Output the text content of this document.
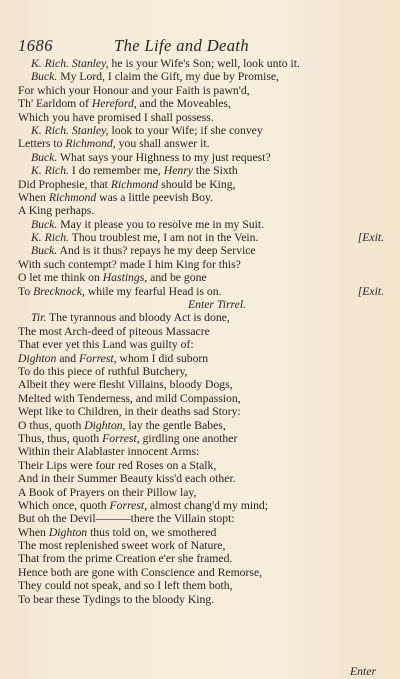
1686	The Life and Death
K. Rich. Stanley, he is your Wife's Son; well, look unto it.
Buck. My Lord, I claim the Gift, my due by Promise,
For which your Honour and your Faith is pawn'd,
Th' Earldom of Hereford, and the Moveables,
Which you have promised I shall possess.
K. Rich. Stanley, look to your Wife; if she convey
Letters to Richmond, you shall answer it.
Buck. What says your Highness to my just request?
K. Rich. I do remember me, Henry the Sixth
Did Prophesie, that Richmond should be King,
When Richmond was a little peevish Boy.
A King perhaps.
Buck. May it please you to resolve me in my Suit.
K. Rich. Thou troublest me, I am not in the Vein.	[Exit.
Buck. And is it thus? repays he my deep Service
With such contempt? made I him King for this?
O let me think on Hastings, and be gone
To Brecknock, while my fearful Head is on.	[Exit.
Enter Tirrel.
Tir. The tyrannous and bloody Act is done,
The most Arch-deed of piteous Massacre
That ever yet this Land was guilty of:
Dighton and Forrest, whom I did suborn
To do this piece of ruthful Butchery,
Albeit they were flesht Villains, bloody Dogs,
Melted with Tenderness, and mild Compassion,
Wept like to Children, in their deaths sad Story:
O thus, quoth Dighton, lay the gentle Babes,
Thus, thus, quoth Forrest, girdling one another
Within their Alablaster innocent Arms:
Their Lips were four red Roses on a Stalk,
And in their Summer Beauty kiss'd each other.
A Book of Prayers on their Pillow lay,
Which once, quoth Forrest, almost chang'd my mind;
But oh the Devil———there the Villain stopt:
When Dighton thus told on, we smothered
The most replenished sweet work of Nature,
That from the prime Creation e'er she framed.
Hence both are gone with Conscience and Remorse,
They could not speak, and so I left them both,
To bear these Tydings to the bloody King.
Enter
